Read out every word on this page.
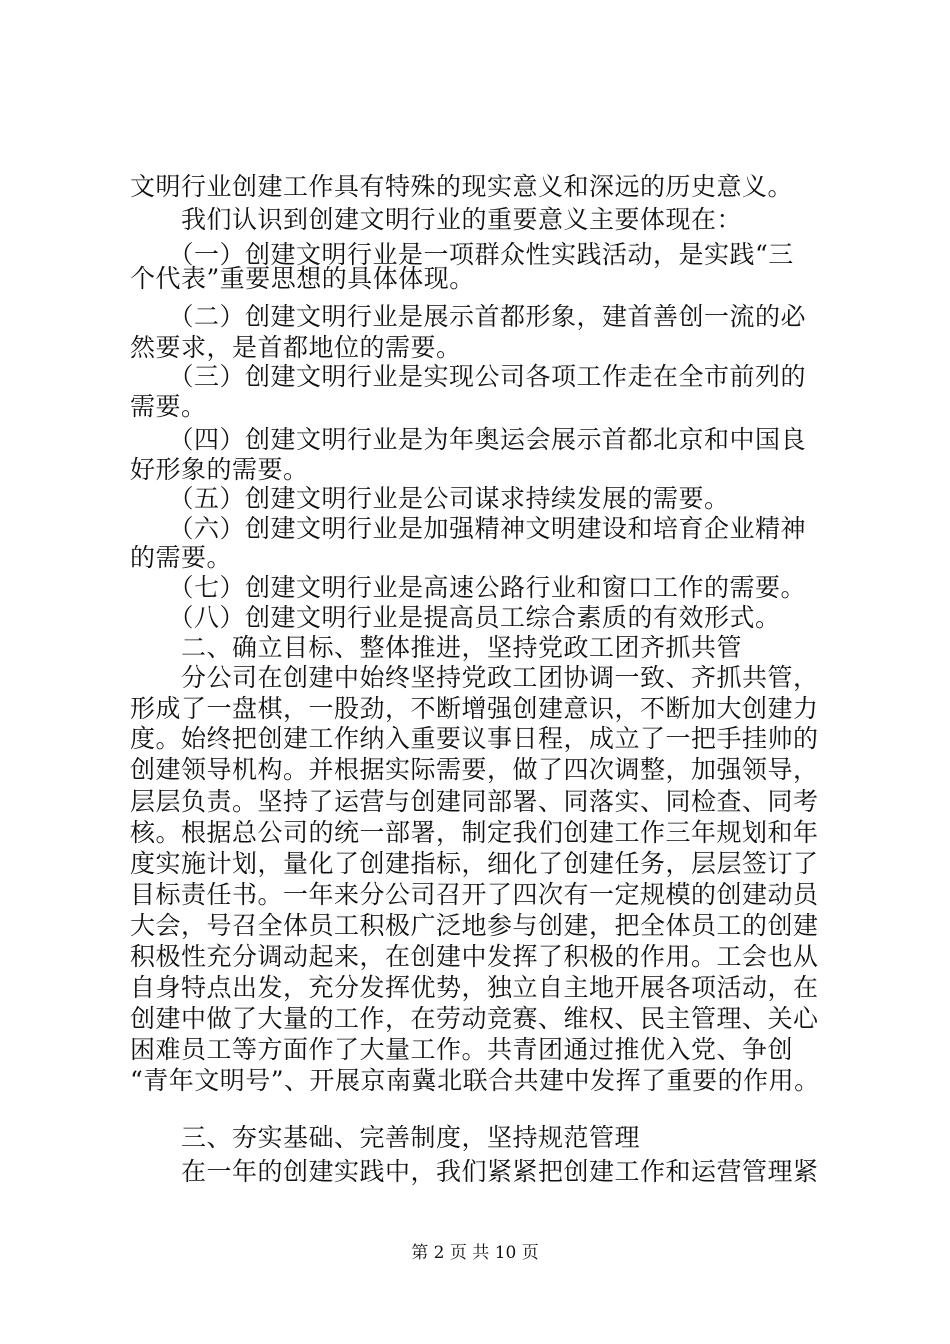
文明行业创建工作具有特殊的现实意义和深远的历史意义。
　　我们认识到创建文明行业的重要意义主要体现在：
　　（一）创建文明行业是一项群众性实践活动，是实践“三
个代表”重要思想的具体体现。
　　（二）创建文明行业是展示首都形象，建首善创一流的必
然要求，是首都地位的需要。
　　（三）创建文明行业是实现公司各项工作走在全市前列的
需要。
　　（四）创建文明行业是为年奥运会展示首都北京和中国良
好形象的需要。
　　（五）创建文明行业是公司谋求持续发展的需要。
　　（六）创建文明行业是加强精神文明建设和培育企业精神
的需要。
　　（七）创建文明行业是高速公路行业和窗口工作的需要。
　　（八）创建文明行业是提高员工综合素质的有效形式。
　　二、确立目标、整体推进，坚持党政工团齐抓共管
　　分公司在创建中始终坚持党政工团协调一致、齐抓共管，
形成了一盘棋，一股劲，不断增强创建意识，不断加大创建力
度。始终把创建工作纳入重要议事日程，成立了一把手挂帅的
创建领导机构。并根据实际需要，做了四次调整，加强领导，
层层负责。坚持了运营与创建同部署、同落实、同检查、同考
核。根据总公司的统一部署，制定我们创建工作三年规划和年
度实施计划，量化了创建指标，细化了创建任务，层层签订了
目标责任书。一年来分公司召开了四次有一定规模的创建动员
大会，号召全体员工积极广泛地参与创建，把全体员工的创建
积极性充分调动起来，在创建中发挥了积极的作用。工会也从
自身特点出发，充分发挥优势，独立自主地开展各项活动，在
创建中做了大量的工作，在劳动竞赛、维权、民主管理、关心
困难员工等方面作了大量工作。共青团通过推优入党、争创
“青年文明号”、开展京南冀北联合共建中发挥了重要的作用。
　　三、夯实基础、完善制度，坚持规范管理
　　在一年的创建实践中，我们紧紧把创建工作和运营管理紧
第 2 页 共 10 页
